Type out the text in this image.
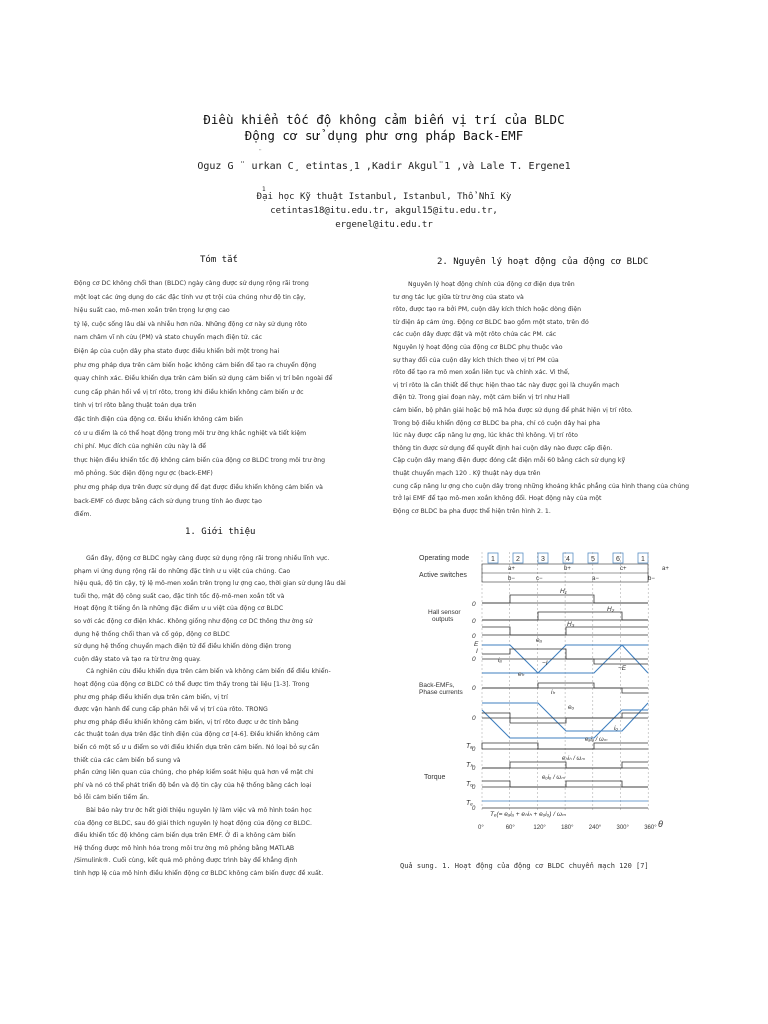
Điều khiển tốc độ không cảm biến vị trí của BLDC
Động cơ sử dụng phư ơng pháp Back-EMF
¨
Oguz G ¨ urkan C¸ etintas¸1 ,Kadir Akgul¨1 ,và Lale T. Ergene1
1
Đại học Kỹ thuật Istanbul, Istanbul, Thổ Nhĩ Kỳ
cetintas18@itu.edu.tr, akgul15@itu.edu.tr,
ergenel@itu.edu.tr
Tóm tắt
Động cơ DC không chổi than (BLDC) ngày càng được sử dụng rộng rãi trong
một loạt các ứng dụng do các đặc tính vư ợt trội của chúng như độ tin cậy,
hiệu suất cao, mô-men xoắn trên trọng lư ợng cao
tỷ lệ, cuộc sống lâu dài và nhiễu hơn nữa. Những động cơ này sử dụng rôto
nam châm vĩ nh cửu (PM) và stato chuyển mạch điện tử. các
Điện áp của cuộn dây pha stato được điều khiển bởi một trong hai
phư ơng pháp dựa trên cảm biến hoặc không cảm biến để tạo ra chuyển động
quay chính xác. Điều khiển dựa trên cảm biến sử dụng cảm biến vị trí bên ngoài để
cung cấp phản hồi về vị trí rôto, trong khi điều khiển không cảm biến ư ớc
tính vị trí rôto bằng thuật toán dựa trên
đặc tính điện của động cơ. Điều khiển không cảm biến
có ư u điểm là có thể hoạt động trong môi trư ờng khắc nghiệt và tiết kiệm
chi phí. Mục đích của nghiên cứu này là để
thực hiện điều khiển tốc độ không cảm biến của động cơ BLDC trong môi trư ờng
mô phỏng. Sức điện động ngư ợc (back-EMF)
phư ơng pháp dựa trên được sử dụng để đạt được điều khiển không cảm biến và
back-EMF có được bằng cách sử dụng trung tính ảo được tạo
điểm.
1. Giới thiệu
Gần đây, động cơ BLDC ngày càng được sử dụng rộng rãi trong nhiều lĩnh vực.
phạm vi ứng dụng rộng rãi do những đặc tính ư u việt của chúng. Cao
hiệu quả, độ tin cậy, tỷ lệ mô-men xoắn trên trọng lư ợng cao, thời gian sử dụng lâu dài
tuổi thọ, mật độ công suất cao, đặc tính tốc độ-mô-men xoắn tốt và
Hoạt động ít tiếng ồn là những đặc điểm ư u việt của động cơ BLDC
so với các động cơ điện khác. Không giống như động cơ DC thông thư ờng sử
dụng hệ thống chổi than và cổ góp, động cơ BLDC
sử dụng hệ thống chuyển mạch điện tử để điều khiển dòng điện trong
cuộn dây stato và tạo ra từ trư ờng quay.
Cả nghiên cứu điều khiển dựa trên cảm biến và không cảm biến để điều khiển-
hoạt động của động cơ BLDC có thể được tìm thấy trong tài liệu [1-3]. Trong
phư ơng pháp điều khiển dựa trên cảm biến, vị trí
được vận hành để cung cấp phản hồi về vị trí của rôto. TRONG
phư ơng pháp điều khiển không cảm biến, vị trí rôto được ư ớc tính bằng
các thuật toán dựa trên đặc tính điện của động cơ [4-6]. Điều khiển không cảm
biến có một số ư u điểm so với điều khiển dựa trên cảm biến. Nó loại bỏ sự cần
thiết của các cảm biến bổ sung và
phần cứng liên quan của chúng, cho phép kiểm soát hiệu quả hơn về mặt chi
phí và nó có thể phát triển độ bền và độ tin cậy của hệ thống bằng cách loại
bỏ lỗi cảm biến tiềm ẩn.
Bài báo này trư ớc hết giới thiệu nguyên lý làm việc và mô hình toán học
của động cơ BLDC, sau đó giải thích nguyên lý hoạt động của động cơ BLDC.
điều khiển tốc độ không cảm biến dựa trên EMF. Ở đi a không cảm biến
Hệ thống được mô hình hóa trong môi trư ờng mô phỏng bằng MATLAB
/Simulink®. Cuối cùng, kết quả mô phỏng được trình bày để khẳng định
tính hợp lệ của mô hình điều khiển động cơ BLDC không cảm biến được đề xuất.
2. Nguyên lý hoạt động của động cơ BLDC
Nguyên lý hoạt động chính của động cơ điện dựa trên
tư ơng tác lực giữa từ trư ờng của stato và
rôto, được tạo ra bởi PM, cuộn dây kích thích hoặc dòng điện
từ điện áp cảm ứng. Động cơ BLDC bao gồm một stato, trên đó
các cuộn dây được đặt và một rôto chứa các PM. các
Nguyên lý hoạt động của động cơ BLDC phụ thuộc vào
sự thay đổi của cuộn dây kích thích theo vị trí PM của
rôto để tạo ra mô men xoắn liên tục và chính xác. Vì thế,
vị trí rôto là cần thiết để thực hiện thao tác này được gọi là chuyển mạch
điện tử. Trong giai đoạn này, một cảm biến vị trí như Hall
cảm biến, bộ phân giải hoặc bộ mã hóa được sử dụng để phát hiện vị trí rôto.
Trong bộ điều khiển động cơ BLDC ba pha, chỉ có cuộn dây hai pha
lúc này được cấp năng lư ợng, lúc khác thì không. Vị trí rôto
thông tin được sử dụng để quyết định hai cuộn dây nào được cấp điện.
Cặp cuộn dây mang điện được đóng cắt điện mỗi 60 bằng cách sử dụng kỹ
thuật chuyển mạch 120 . Kỹ thuật này dựa trên
cung cấp năng lư ợng cho cuộn dây trong những khoảng khắc phẳng của hình thang của chúng
trở lại EMF để tạo mô-men xoắn không đổi. Hoạt động này của một
Động cơ BLDC ba pha được thể hiện trên hình 2. 1.
Operating mode
Active switches
Hall sensor
outputs
Back-EMFs,
Phase currents
Torque
1	2	3	4	5	6	1
a+	b+	c+	a+
b−	c−	a−	b−
H₁
H₂
H₃
0
0
0
eₐ
E
−E
I
−I
iₐ
eₕ
iₕ
eₒ
iₒ
0
0
0
Tₐ
Tₕ
Tₒ
Tₑ
0
0
0
0
eₐiₐ / ωₘ
eₕiₕ / ωₘ
eₒiₒ / ωₘ
Tₑ(= eₐiₐ + eₕiₕ + eₒiₒ) / ωₘ
0°	60°	120°	180°	240°	300°	360° θ
Quả sung. 1. Hoạt động của động cơ BLDC chuyển mạch 120 [7]
